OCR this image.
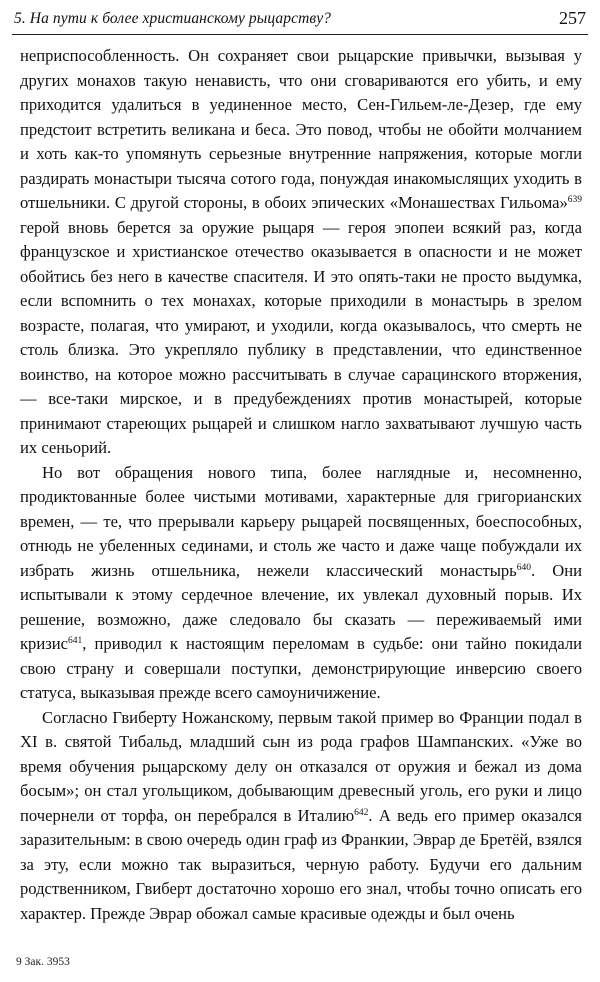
5. На пути к более христианскому рыцарству?	257

неприспособленность. Он сохраняет свои рыцарские привычки, вызывая у других монахов такую ненависть, что они сговариваются его убить, и ему приходится удалиться в уединенное место, Сен-Гильем-ле-Дезер, где ему предстоит встретить великана и беса. Это повод, чтобы не обойти молчанием и хоть как-то упомянуть серьезные внутренние напряжения, которые могли раздирать монастыри тысяча сотого года, понуждая инакомыслящих уходить в отшельники. С другой стороны, в обоих эпических «Монашествах Гильома»$^{639}$ герой вновь берется за оружие рыцаря — героя эпопеи всякий раз, когда французское и христианское отечество оказывается в опасности и не может обойтись без него в качестве спасителя. И это опять-таки не просто выдумка, если вспомнить о тех монахах, которые приходили в монастырь в зрелом возрасте, полагая, что умирают, и уходили, когда оказывалось, что смерть не столь близка. Это укрепляло публику в представлении, что единственное воинство, на которое можно рассчитывать в случае сарацинского вторжения, — все-таки мирское, и в предубеждениях против монастырей, которые принимают стареющих рыцарей и слишком нагло захватывают лучшую часть их сеньорий.

Но вот обращения нового типа, более наглядные и, несомненно, продиктованные более чистыми мотивами, характерные для григорианских времен, — те, что прерывали карьеру рыцарей посвященных, боеспособных, отнюдь не убеленных сединами, и столь же часто и даже чаще побуждали их избрать жизнь отшельника, нежели классический монастырь$^{640}$. Они испытывали к этому сердечное влечение, их увлекал духовный порыв. Их решение, возможно, даже следовало бы сказать — переживаемый ими кризис$^{641}$, приводил к настоящим переломам в судьбе: они тайно покидали свою страну и совершали поступки, демонстрирующие инверсию своего статуса, выказывая прежде всего самоуничижение.

Согласно Гвиберту Ножанскому, первым такой пример во Франции подал в XI в. святой Тибальд, младший сын из рода графов Шампанских. «Уже во время обучения рыцарскому делу он отказался от оружия и бежал из дома босым»; он стал угольщиком, добывающим древесный уголь, его руки и лицо почернели от торфа, он перебрался в Италию$^{642}$. А ведь его пример оказался заразительным: в свою очередь один граф из Франкии, Эврар де Бретёй, взялся за эту, если можно так выразиться, черную работу. Будучи его дальним родственником, Гвиберт достаточно хорошо его знал, чтобы точно описать его характер. Прежде Эврар обожал самые красивые одежды и был очень

9 Зак. 3953
